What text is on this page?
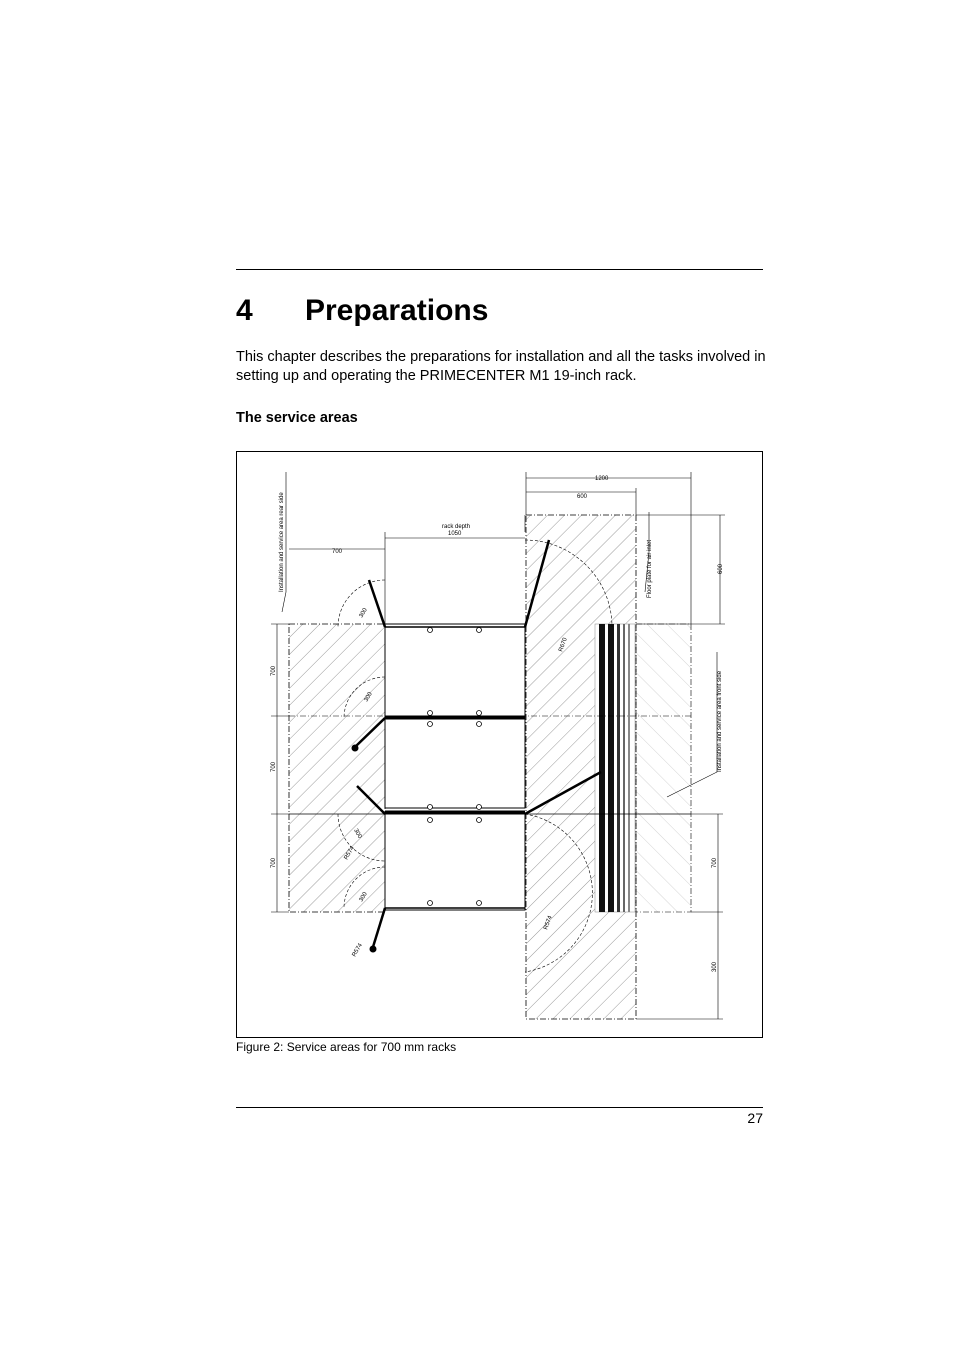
4 Preparations
This chapter describes the preparations for installation and all the tasks involved in setting up and operating the PRIMECENTER M1 19-inch rack.
The service areas
1200
600
rack depth
1050
700
600
700
700
700	700
300
Installation and service area rear side	Floor plate for air inlet
Installation and service area front side
300
300
300
300
R670
R574
R574
R574
Figure 2: Service areas for 700 mm racks
27
